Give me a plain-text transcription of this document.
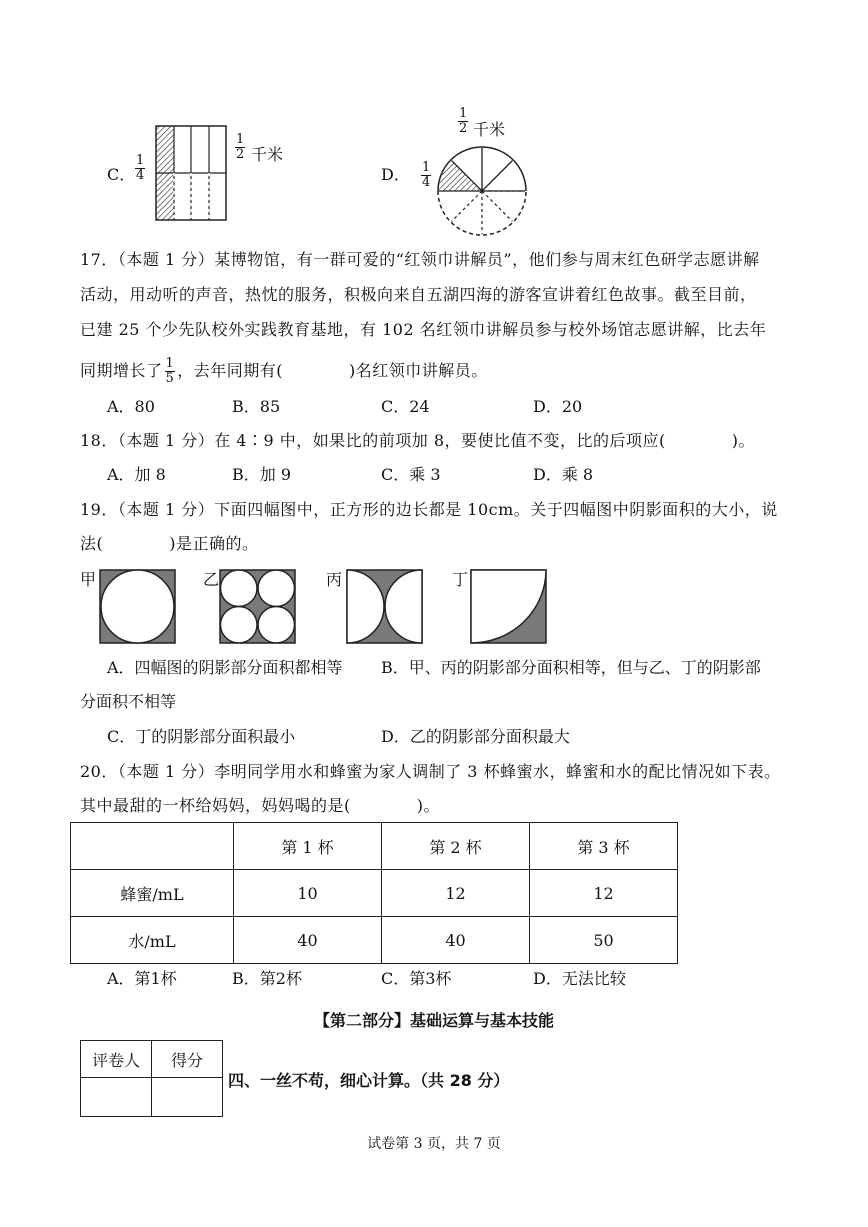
C． $\frac{1}{4}$
$\frac{1}{2}$ 千米
D．
$\frac{1}{2}$ 千米
$\frac{1}{4}$
17．（本题 1 分）某博物馆，有一群可爱的“红领巾讲解员”，他们参与周末红色研学志愿讲解
活动，用动听的声音，热忱的服务，积极向来自五湖四海的游客宣讲着红色故事。截至目前，
已建 25 个少先队校外实践教育基地，有 102 名红领巾讲解员参与校外场馆志愿讲解，比去年
同期增长了 $\frac{1}{5}$ ，去年同期有(　　　　)名红领巾讲解员。
A．80	B．85	C．24	D．20
18．（本题 1 分）在 4∶9 中，如果比的前项加 8，要使比值不变，比的后项应(　　　　)。
A．加 8	B．加 9	C．乘 3	D．乘 8
19．（本题 1 分）下面四幅图中，正方形的边长都是 10cm。关于四幅图中阴影面积的大小，说
法(　　　　)是正确的。
甲	乙	丙	丁
A．四幅图的阴影部分面积都相等 B．甲、丙的阴影部分面积相等，但与乙、丁的阴影部
分面积不相等
C．丁的阴影部分面积最小	D．乙的阴影部分面积最大
20．（本题 1 分）李明同学用水和蜂蜜为家人调制了 3 杯蜂蜜水，蜂蜜和水的配比情况如下表。
其中最甜的一杯给妈妈，妈妈喝的是(　　　　)。
	第 1 杯	第 2 杯	第 3 杯
蜂蜜/mL	10	12	12
水/mL	40	40	50
A．第1杯	B．第2杯	C．第3杯	D．无法比较
【第二部分】基础运算与基本技能
评卷人	得分

四、一丝不苟，细心计算。（共 28 分）
试卷第 3 页，共 7 页
